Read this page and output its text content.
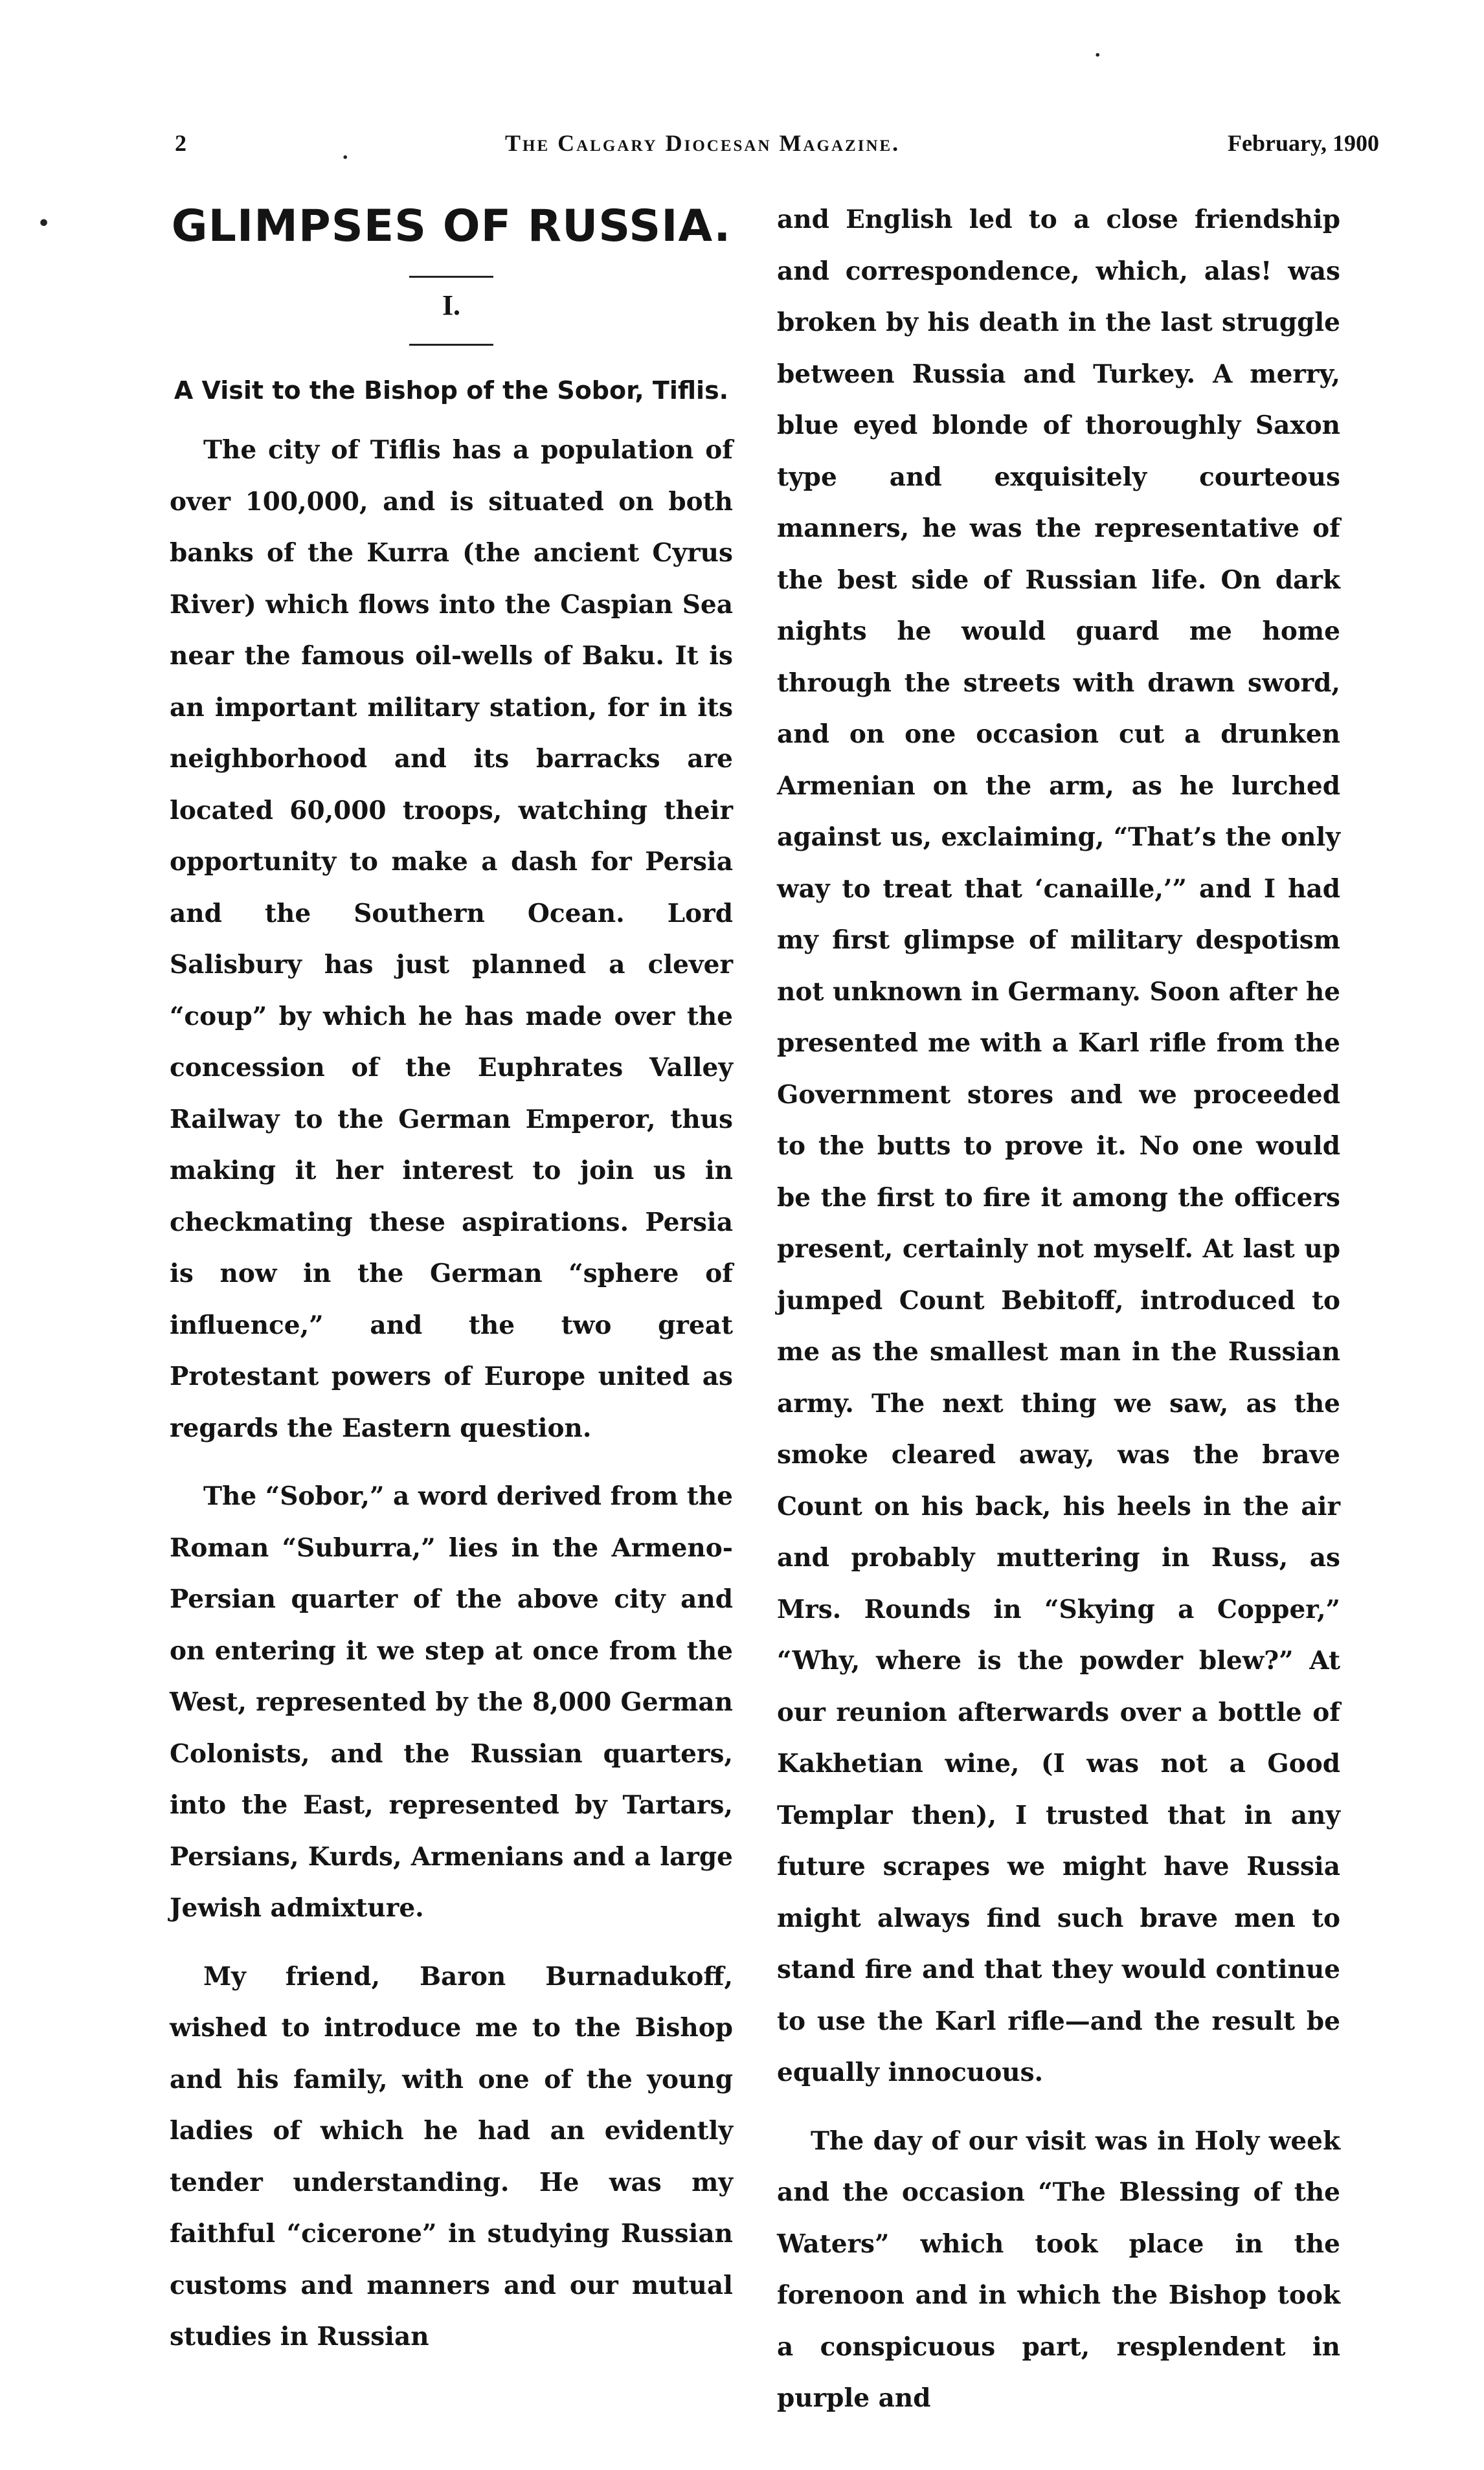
2	The Calgary Diocesan Magazine.	February, 1900
.
•
.
GLIMPSES OF RUSSIA.
I.
A Visit to the Bishop of the Sobor, Tiflis.

The city of Tiflis has a population of over 100,000, and is situated on both banks of the Kurra (the ancient Cyrus River) which flows into the Caspian Sea near the famous oil-wells of Baku. It is an important military station, for in its neighborhood and its barracks are located 60,000 troops, watching their opportunity to make a dash for Persia and the Southern Ocean. Lord Salisbury has just planned a clever “coup” by which he has made over the concession of the Euphrates Valley Railway to the German Emperor, thus making it her interest to join us in checkmating these aspirations. Persia is now in the German “sphere of influence,” and the two great Protestant powers of Europe united as regards the Eastern question.

The “Sobor,” a word derived from the Roman “Suburra,” lies in the Armeno-Persian quarter of the above city and on entering it we step at once from the West, represented by the 8,000 German Colonists, and the Russian quarters, into the East, represented by Tartars, Persians, Kurds, Armenians and a large Jewish admixture.

My friend, Baron Burnadukoff, wished to introduce me to the Bishop and his family, with one of the young ladies of which he had an evidently tender understanding. He was my faithful “cicerone” in studying Russian customs and manners and our mutual studies in Russian

and English led to a close friendship and correspondence, which, alas! was broken by his death in the last struggle between Russia and Turkey. A merry, blue eyed blonde of thoroughly Saxon type and exquisitely courteous manners, he was the representative of the best side of Russian life. On dark nights he would guard me home through the streets with drawn sword, and on one occasion cut a drunken Armenian on the arm, as he lurched against us, exclaiming, “That’s the only way to treat that ‘canaille,’” and I had my first glimpse of military despotism not unknown in Germany. Soon after he presented me with a Karl rifle from the Government stores and we proceeded to the butts to prove it. No one would be the first to fire it among the officers present, certainly not myself. At last up jumped Count Bebitoff, introduced to me as the smallest man in the Russian army. The next thing we saw, as the smoke cleared away, was the brave Count on his back, his heels in the air and probably muttering in Russ, as Mrs. Rounds in “Skying a Copper,” “Why, where is the powder blew?” At our reunion afterwards over a bottle of Kakhetian wine, (I was not a Good Templar then), I trusted that in any future scrapes we might have Russia might always find such brave men to stand fire and that they would continue to use the Karl rifle—and the result be equally innocuous.

The day of our visit was in Holy week and the occasion “The Blessing of the Waters” which took place in the forenoon and in which the Bishop took a conspicuous part, resplendent in purple and
